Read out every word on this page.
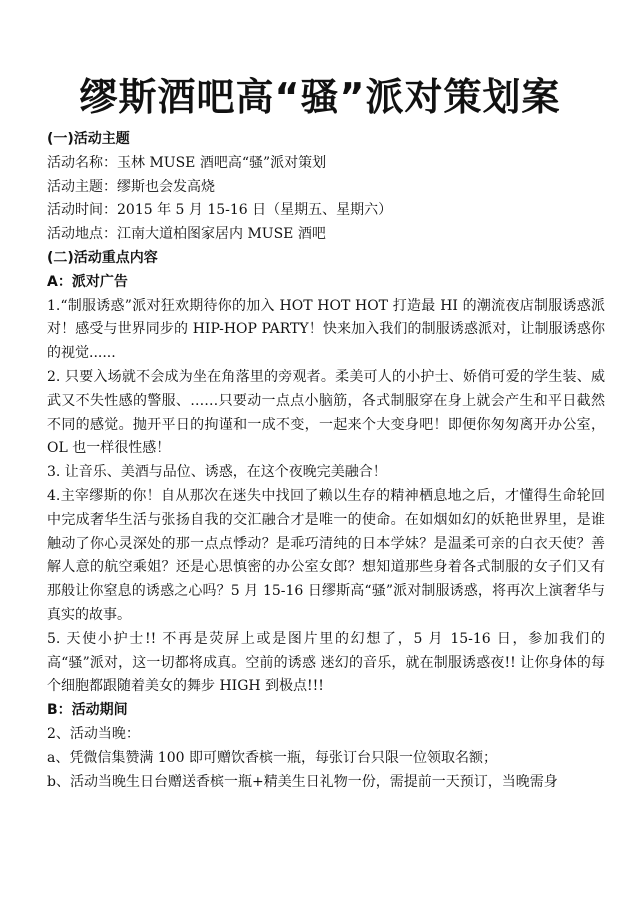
缪斯酒吧高“骚”派对策划案
(一)活动主题
活动名称：玉林 MUSE 酒吧高“骚”派对策划
活动主题：缪斯也会发高烧
活动时间：2015 年 5 月 15-16 日（星期五、星期六）
活动地点：江南大道柏图家居内 MUSE 酒吧
(二)活动重点内容
A：派对广告
1.“制服诱惑”派对狂欢期待你的加入 HOT HOT HOT 打造最 HI 的潮流夜店制服诱惑派对！感受与世界同步的 HIP-HOP PARTY！快来加入我们的制服诱惑派对，让制服诱惑你的视觉......
2. 只要入场就不会成为坐在角落里的旁观者。柔美可人的小护士、娇俏可爱的学生装、威武又不失性感的警服、……只要动一点点小脑筋，各式制服穿在身上就会产生和平日截然不同的感觉。抛开平日的拘谨和一成不变，一起来个大变身吧！即便你匆匆离开办公室，OL 也一样很性感！
3. 让音乐、美酒与品位、诱惑，在这个夜晚完美融合！
4.主宰缪斯的你！自从那次在迷失中找回了赖以生存的精神栖息地之后，才懂得生命轮回中完成奢华生活与张扬自我的交汇融合才是唯一的使命。在如烟如幻的妖艳世界里，是谁触动了你心灵深处的那一点点悸动？是乖巧清纯的日本学妹？是温柔可亲的白衣天使？善解人意的航空乘姐？还是心思慎密的办公室女郎？想知道那些身着各式制服的女子们又有那般让你窒息的诱惑之心吗？5 月 15-16 日缪斯高“骚”派对制服诱惑，将再次上演奢华与真实的故事。
5. 天使小护士!! 不再是荧屏上或是图片里的幻想了，5 月 15-16 日，参加我们的高“骚”派对，这一切都将成真。空前的诱惑 迷幻的音乐，就在制服诱惑夜!! 让你身体的每个细胞都跟随着美女的舞步 HIGH 到极点!!!
B：活动期间
2、活动当晚：
a、凭微信集赞满 100 即可赠饮香槟一瓶，每张订台只限一位领取名额；
b、活动当晚生日台赠送香槟一瓶+精美生日礼物一份，需提前一天预订，当晚需身
